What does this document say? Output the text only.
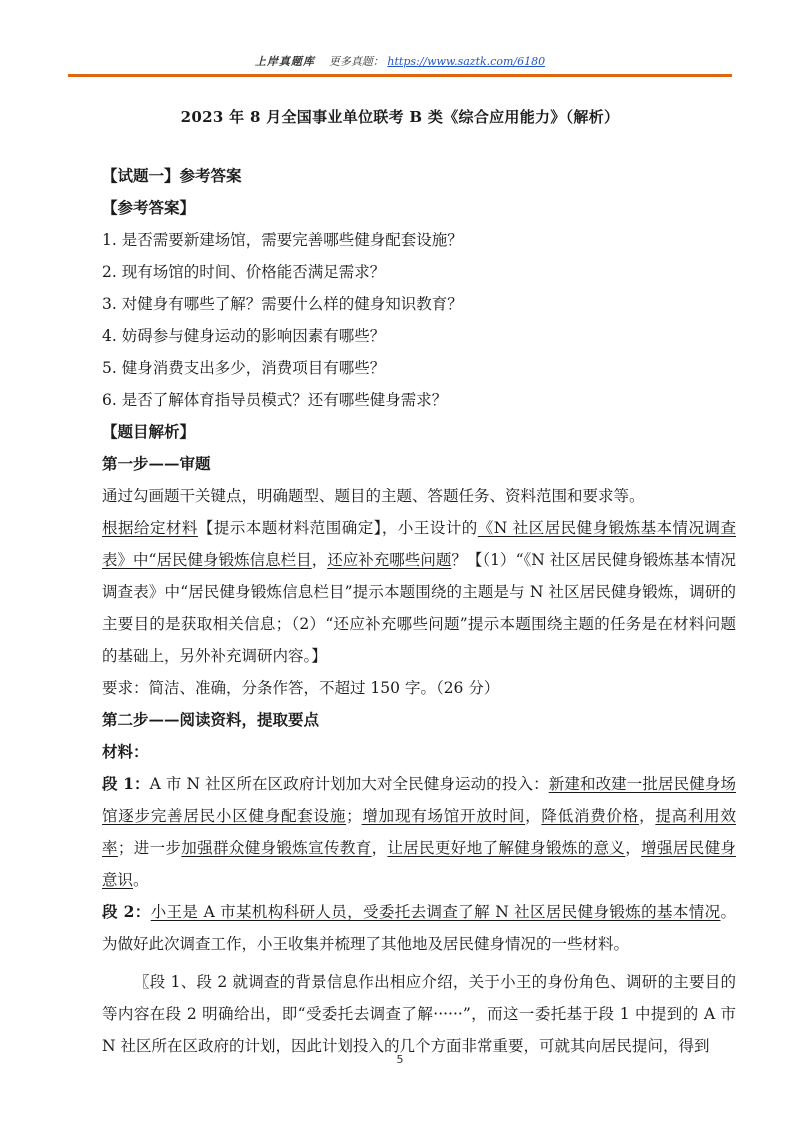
上岸真题库 更多真题： https://www.saztk.com/6180
2023 年 8 月全国事业单位联考 B 类《综合应用能力》（解析）
【试题一】参考答案
【参考答案】
1. 是否需要新建场馆，需要完善哪些健身配套设施？
2. 现有场馆的时间、价格能否满足需求？
3. 对健身有哪些了解？需要什么样的健身知识教育？
4. 妨碍参与健身运动的影响因素有哪些？
5. 健身消费支出多少，消费项目有哪些？
6. 是否了解体育指导员模式？还有哪些健身需求？
【题目解析】
第一步——审题
通过勾画题干关键点，明确题型、题目的主题、答题任务、资料范围和要求等。
根据给定材料【提示本题材料范围确定】，小王设计的《N 社区居民健身锻炼基本情况调查表》中“居民健身锻炼信息栏目，还应补充哪些问题？【（1）“《N 社区居民健身锻炼基本情况调查表》中“居民健身锻炼信息栏目”提示本题围绕的主题是与 N 社区居民健身锻炼，调研的主要目的是获取相关信息；（2）“还应补充哪些问题”提示本题围绕主题的任务是在材料问题的基础上，另外补充调研内容。】
要求：简洁、准确，分条作答，不超过 150 字。（26 分）
第二步——阅读资料，提取要点
材料：
段 1：A 市 N 社区所在区政府计划加大对全民健身运动的投入：新建和改建一批居民健身场馆逐步完善居民小区健身配套设施；增加现有场馆开放时间，降低消费价格，提高利用效率；进一步加强群众健身锻炼宣传教育，让居民更好地了解健身锻炼的意义，增强居民健身意识。
段 2：小王是 A 市某机构科研人员，受委托去调查了解 N 社区居民健身锻炼的基本情况。为做好此次调查工作，小王收集并梳理了其他地及居民健身情况的一些材料。
〖段 1、段 2 就调查的背景信息作出相应介绍，关于小王的身份角色、调研的主要目的等内容在段 2 明确给出，即“受委托去调查了解······”，而这一委托基于段 1 中提到的 A 市 N 社区所在区政府的计划，因此计划投入的几个方面非常重要，可就其向居民提问，得到
5
